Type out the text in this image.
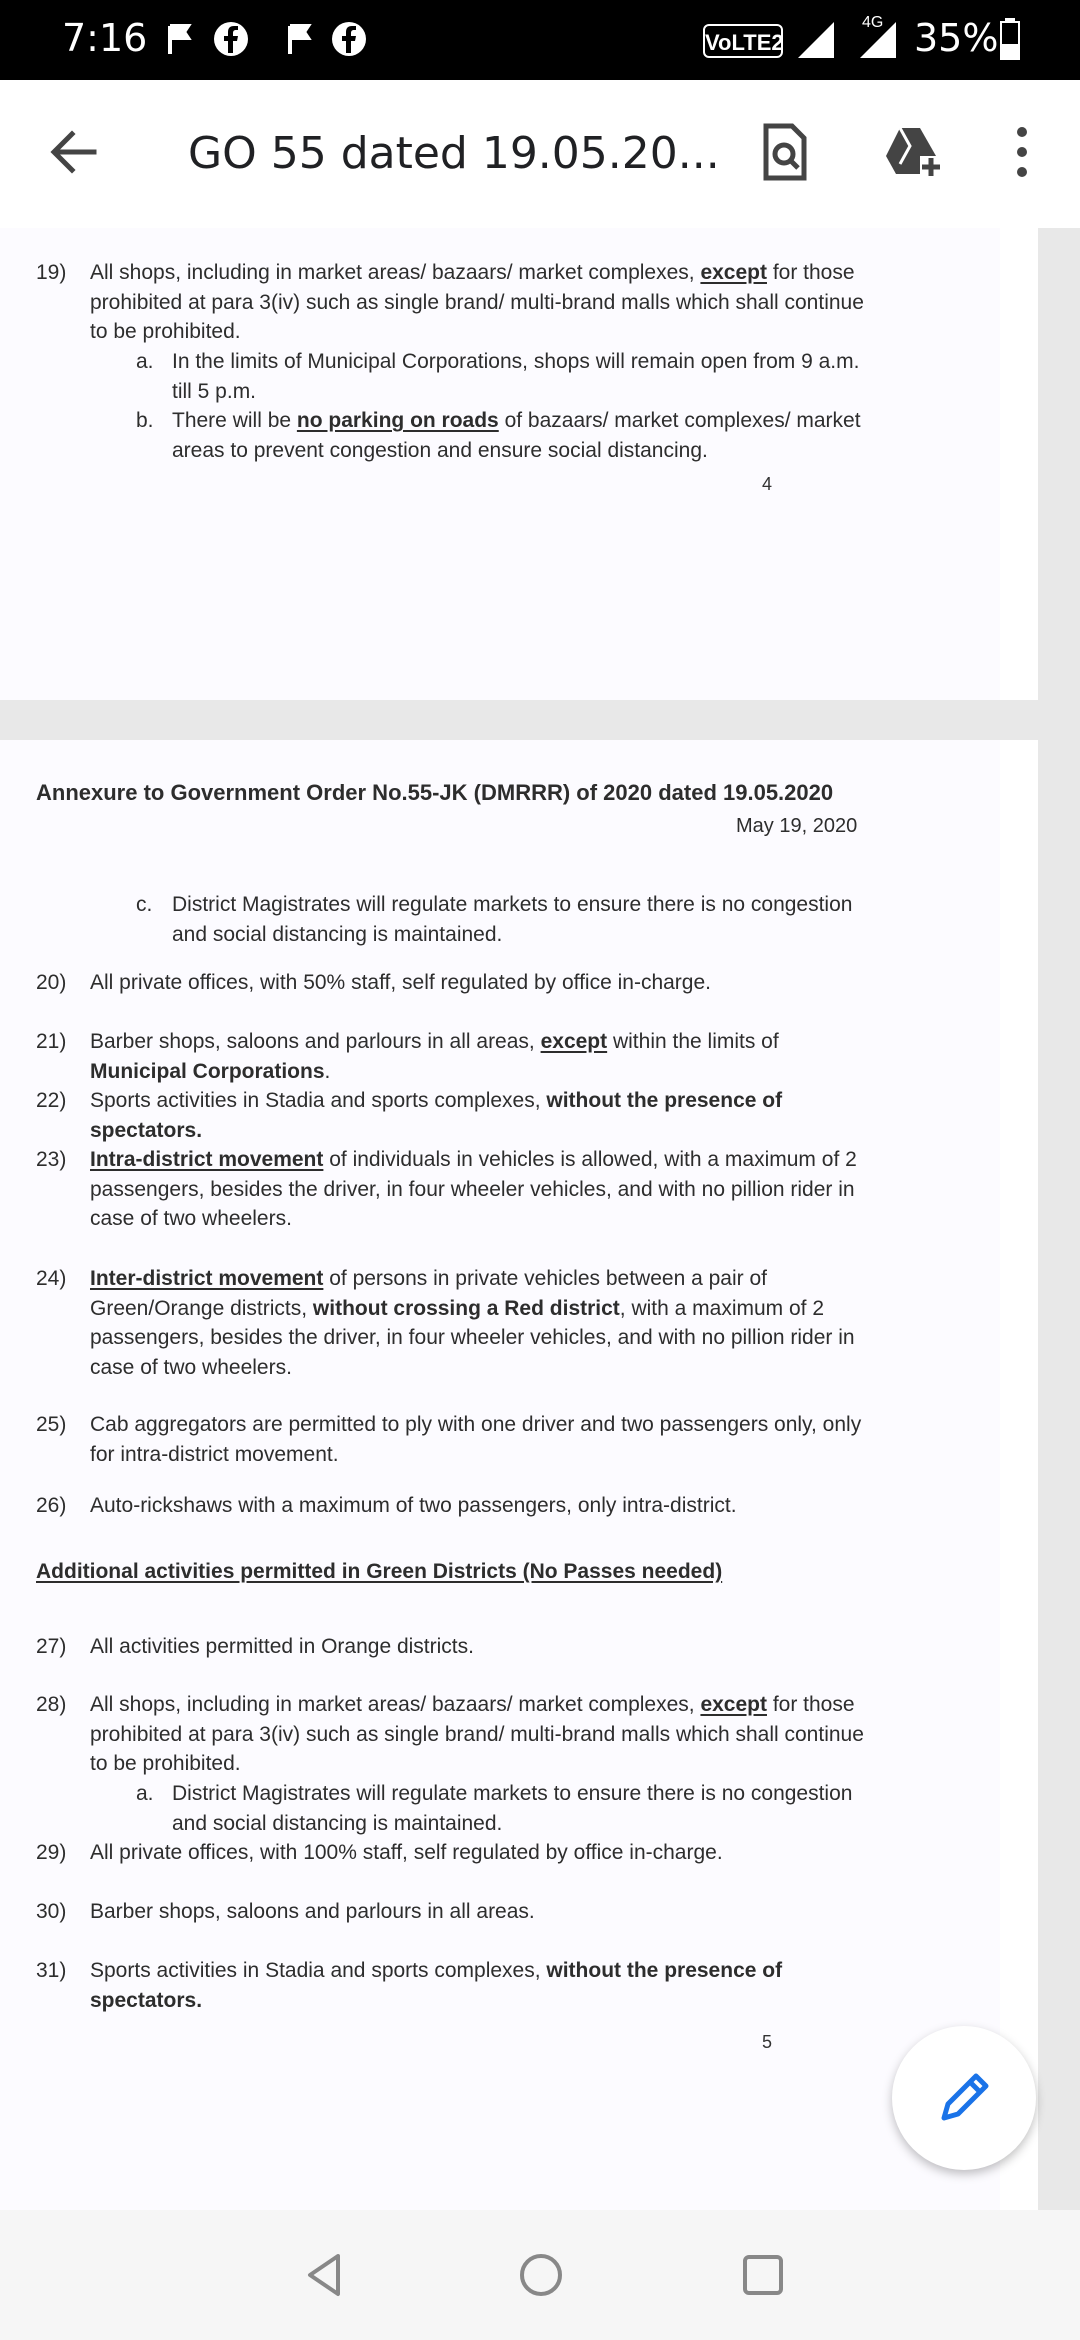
7:16	VoLTE2
4G 35%
GO 55 dated 19.05.20...
19) All shops, including in market areas/ bazaars/ market complexes, except for those prohibited at para 3(iv) such as single brand/ multi-brand malls which shall continue to be prohibited.
a. In the limits of Municipal Corporations, shops will remain open from 9 a.m. till 5 p.m.
b. There will be no parking on roads of bazaars/ market complexes/ market areas to prevent congestion and ensure social distancing.
4
Annexure to Government Order No.55-JK (DMRRR) of 2020 dated 19.05.2020
May 19, 2020
c. District Magistrates will regulate markets to ensure there is no congestion and social distancing is maintained.
20) All private offices, with 50% staff, self regulated by office in-charge.
21) Barber shops, saloons and parlours in all areas, except within the limits of Municipal Corporations.
22) Sports activities in Stadia and sports complexes, without the presence of spectators.
23) Intra-district movement of individuals in vehicles is allowed, with a maximum of 2 passengers, besides the driver, in four wheeler vehicles, and with no pillion rider in case of two wheelers.
24) Inter-district movement of persons in private vehicles between a pair of Green/Orange districts, without crossing a Red district, with a maximum of 2 passengers, besides the driver, in four wheeler vehicles, and with no pillion rider in case of two wheelers.
25) Cab aggregators are permitted to ply with one driver and two passengers only, only for intra-district movement.
26) Auto-rickshaws with a maximum of two passengers, only intra-district.
Additional activities permitted in Green Districts (No Passes needed)
27) All activities permitted in Orange districts.
28) All shops, including in market areas/ bazaars/ market complexes, except for those prohibited at para 3(iv) such as single brand/ multi-brand malls which shall continue to be prohibited.
a. District Magistrates will regulate markets to ensure there is no congestion and social distancing is maintained.
29) All private offices, with 100% staff, self regulated by office in-charge.
30) Barber shops, saloons and parlours in all areas.
31) Sports activities in Stadia and sports complexes, without the presence of spectators.
5
